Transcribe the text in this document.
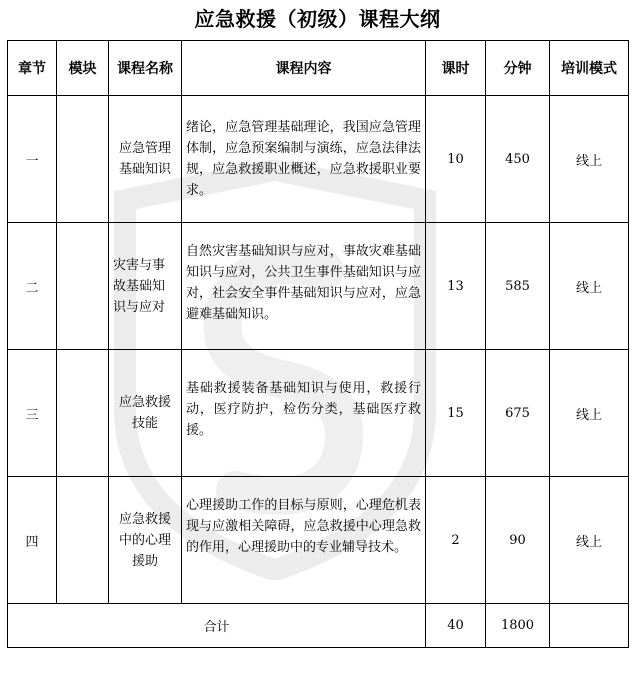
应急救援（初级）课程大纲
章节	模块	课程名称	课程内容	课时	分钟	培训模式
一		应急管理基础知识	绪论，应急管理基础理论，我国应急管理体制，应急预案编制与演练，应急法律法规，应急救援职业概述，应急救援职业要求。	10	450	线上
二		灾害与事故基础知识与应对	自然灾害基础知识与应对，事故灾难基础知识与应对，公共卫生事件基础知识与应对，社会安全事件基础知识与应对，应急避难基础知识。	13	585	线上
三		应急救援技能	基础救援装备基础知识与使用，救援行动，医疗防护，检伤分类，基础医疗救援。	15	675	线上
四		应急救援中的心理援助	心理援助工作的目标与原则，心理危机表现与应激相关障碍，应急救援中心理急救的作用，心理援助中的专业辅导技术。	2	90	线上
合计				40	1800	
